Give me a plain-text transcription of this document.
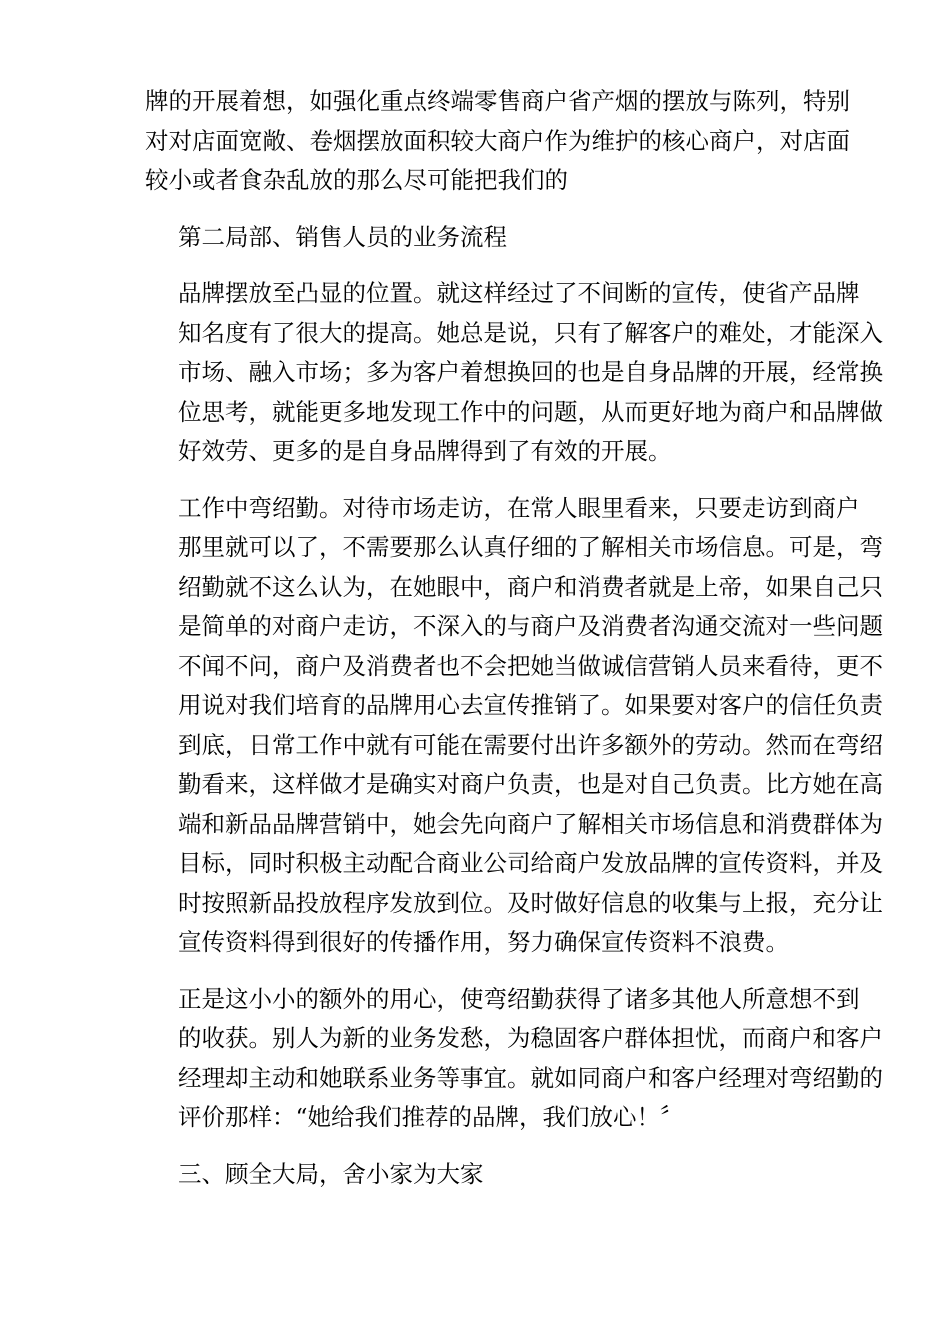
牌的开展着想，如强化重点终端零售商户省产烟的摆放与陈列，特别
对对店面宽敞、卷烟摆放面积较大商户作为维护的核心商户，对店面
较小或者食杂乱放的那么尽可能把我们的

第二局部、销售人员的业务流程

品牌摆放至凸显的位置。就这样经过了不间断的宣传，使省产品牌
知名度有了很大的提高。她总是说，只有了解客户的难处，才能深入
市场、融入市场；多为客户着想换回的也是自身品牌的开展，经常换
位思考，就能更多地发现工作中的问题，从而更好地为商户和品牌做
好效劳、更多的是自身品牌得到了有效的开展。

工作中弯绍勤。对待市场走访，在常人眼里看来，只要走访到商户
那里就可以了，不需要那么认真仔细的了解相关市场信息。可是，弯
绍勤就不这么认为，在她眼中，商户和消费者就是上帝，如果自己只
是简单的对商户走访，不深入的与商户及消费者沟通交流对一些问题
不闻不问，商户及消费者也不会把她当做诚信营销人员来看待，更不
用说对我们培育的品牌用心去宣传推销了。如果要对客户的信任负责
到底，日常工作中就有可能在需要付出许多额外的劳动。然而在弯绍
勤看来，这样做才是确实对商户负责，也是对自己负责。比方她在高
端和新品品牌营销中，她会先向商户了解相关市场信息和消费群体为
目标，同时积极主动配合商业公司给商户发放品牌的宣传资料，并及
时按照新品投放程序发放到位。及时做好信息的收集与上报，充分让
宣传资料得到很好的传播作用，努力确保宣传资料不浪费。

正是这小小的额外的用心，使弯绍勤获得了诸多其他人所意想不到
的收获。别人为新的业务发愁，为稳固客户群体担忧，而商户和客户
经理却主动和她联系业务等事宜。就如同商户和客户经理对弯绍勤的
评价那样：“她给我们推荐的品牌，我们放心！〞

三、顾全大局，舍小家为大家
